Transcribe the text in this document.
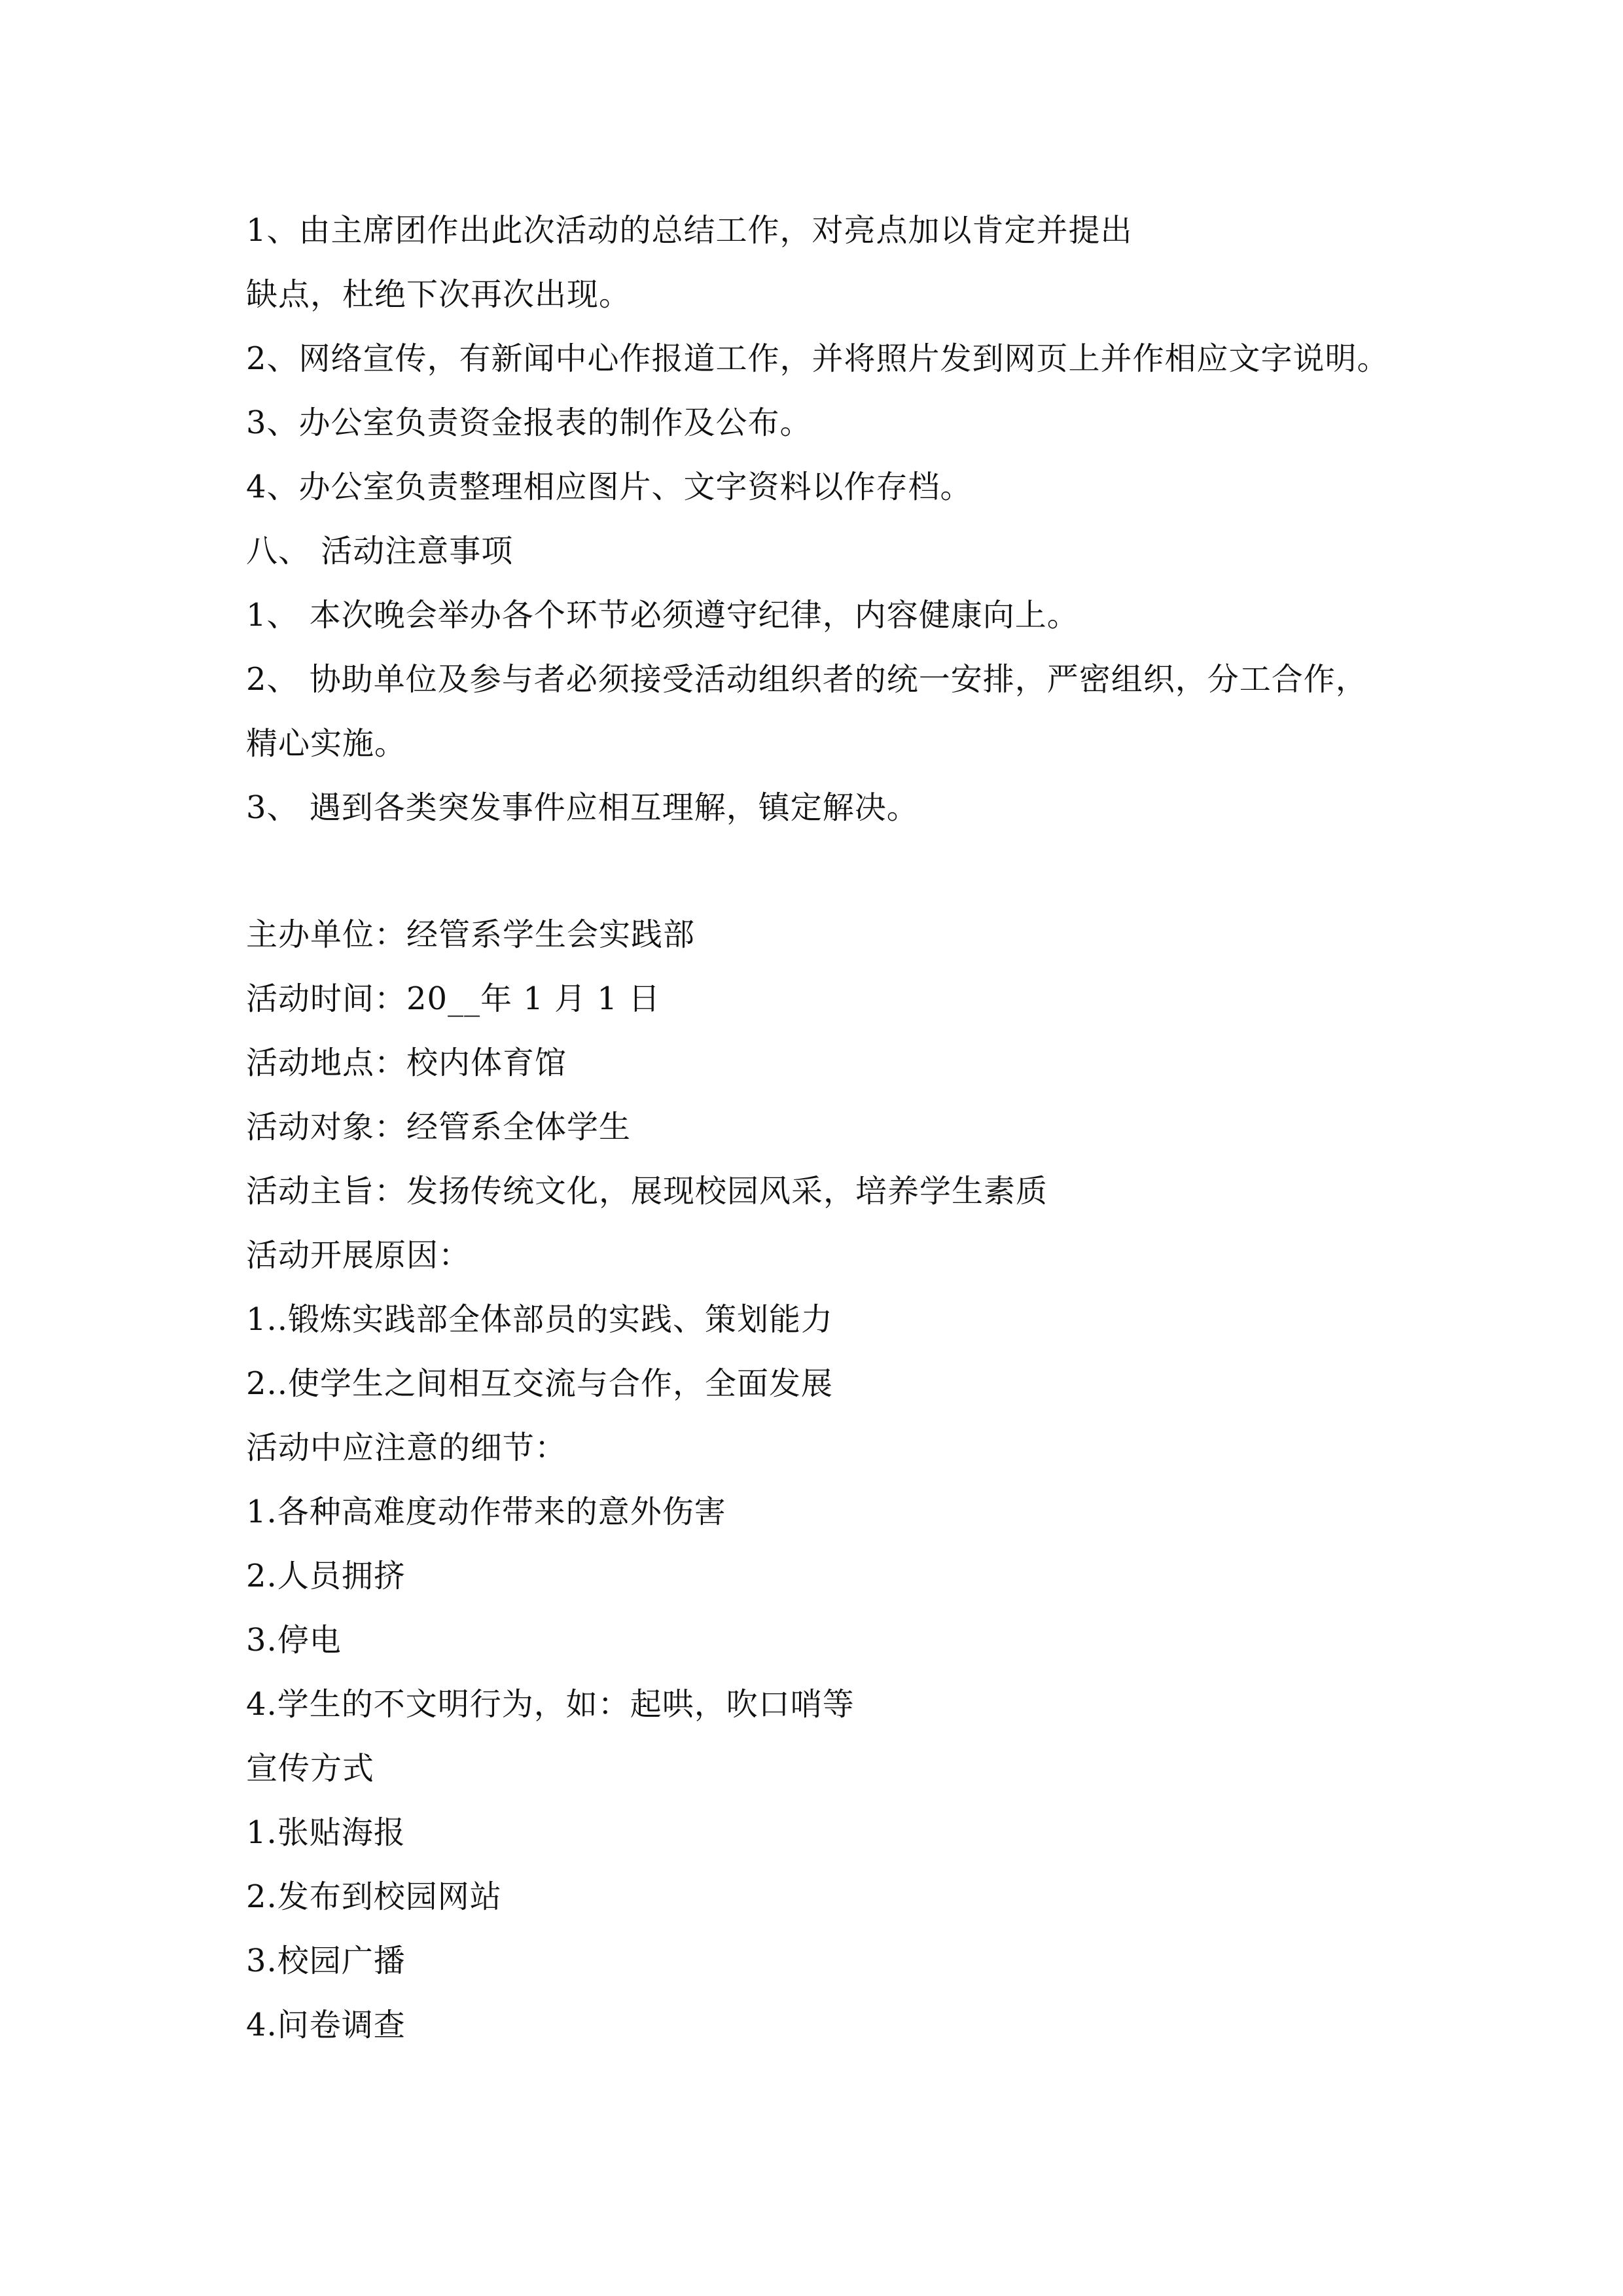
1、由主席团作出此次活动的总结工作，对亮点加以肯定并提出
缺点，杜绝下次再次出现。
2、网络宣传，有新闻中心作报道工作，并将照片发到网页上并作相应文字说明。
3、办公室负责资金报表的制作及公布。
4、办公室负责整理相应图片、文字资料以作存档。
八、 活动注意事项
1、 本次晚会举办各个环节必须遵守纪律，内容健康向上。
2、 协助单位及参与者必须接受活动组织者的统一安排，严密组织，分工合作，
精心实施。
3、 遇到各类突发事件应相互理解，镇定解决。
主办单位：经管系学生会实践部
活动时间：20__年 1 月 1 日
活动地点：校内体育馆
活动对象：经管系全体学生
活动主旨：发扬传统文化，展现校园风采，培养学生素质
活动开展原因：
1..锻炼实践部全体部员的实践、策划能力
2..使学生之间相互交流与合作，全面发展
活动中应注意的细节：
1.各种高难度动作带来的意外伤害
2.人员拥挤
3.停电
4.学生的不文明行为，如：起哄，吹口哨等
宣传方式
1.张贴海报
2.发布到校园网站
3.校园广播
4.问卷调查
